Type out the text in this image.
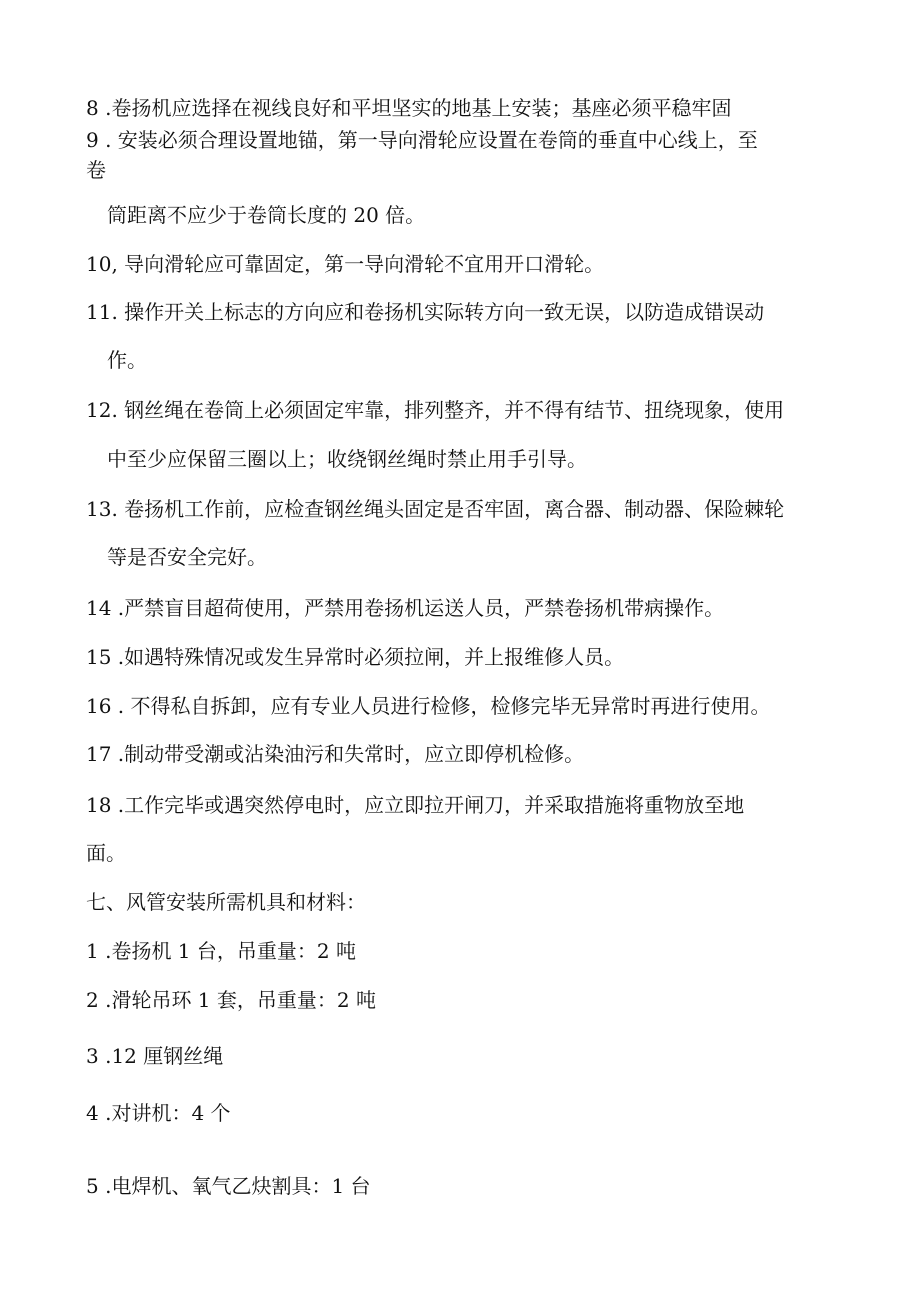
8 .卷扬机应选择在视线良好和平坦坚实的地基上安装；基座必须平稳牢固
9 . 安装必须合理设置地锚，第一导向滑轮应设置在卷筒的垂直中心线上，至
卷
筒距离不应少于卷筒长度的 20 倍。
10, 导向滑轮应可靠固定，第一导向滑轮不宜用开口滑轮。
11. 操作开关上标志的方向应和卷扬机实际转方向一致无误，以防造成错误动
作。
12. 钢丝绳在卷筒上必须固定牢靠，排列整齐，并不得有结节、扭绕现象，使用
中至少应保留三圈以上；收绕钢丝绳时禁止用手引导。
13. 卷扬机工作前，应检查钢丝绳头固定是否牢固，离合器、制动器、保险棘轮
等是否安全完好。
14 .严禁盲目超荷使用，严禁用卷扬机运送人员，严禁卷扬机带病操作。
15 .如遇特殊情况或发生异常时必须拉闸，并上报维修人员。
16 . 不得私自拆卸，应有专业人员进行检修，检修完毕无异常时再进行使用。
17 .制动带受潮或沾染油污和失常时，应立即停机检修。
18 .工作完毕或遇突然停电时，应立即拉开闸刀，并采取措施将重物放至地
面。
七、风管安装所需机具和材料：
1 .卷扬机 1 台，吊重量：2 吨
2 .滑轮吊环 1 套，吊重量：2 吨
3 .12 厘钢丝绳
4 .对讲机：4 个
5 .电焊机、氧气乙炔割具：1 台
